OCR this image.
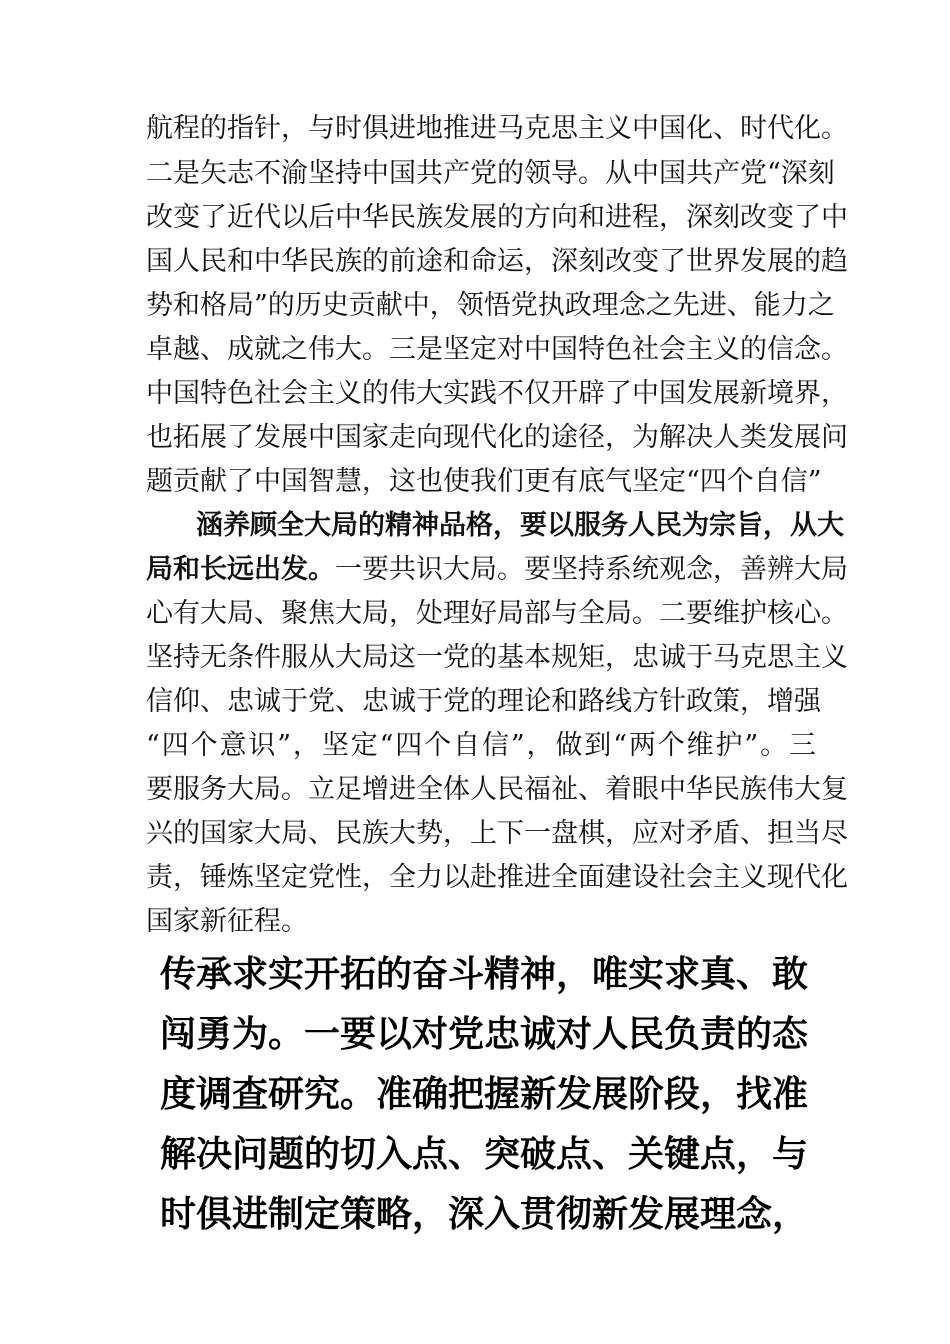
航程的指针，与时俱进地推进马克思主义中国化、时代化。
二是矢志不渝坚持中国共产党的领导。从中国共产党“深刻
改变了近代以后中华民族发展的方向和进程，深刻改变了中
国人民和中华民族的前途和命运，深刻改变了世界发展的趋
势和格局”的历史贡献中，领悟党执政理念之先进、能力之
卓越、成就之伟大。三是坚定对中国特色社会主义的信念。
中国特色社会主义的伟大实践不仅开辟了中国发展新境界，
也拓展了发展中国家走向现代化的途径，为解决人类发展问
题贡献了中国智慧，这也使我们更有底气坚定“四个自信”
涵养顾全大局的精神品格，要以服务人民为宗旨，从大
局和长远出发。一要共识大局。要坚持系统观念，善辨大局
心有大局、聚焦大局，处理好局部与全局。二要维护核心。
坚持无条件服从大局这一党的基本规矩，忠诚于马克思主义
信仰、忠诚于党、忠诚于党的理论和路线方针政策，增强
“四个意识”，坚定“四个自信”，做到“两个维护”。三
要服务大局。立足增进全体人民福祉、着眼中华民族伟大复
兴的国家大局、民族大势，上下一盘棋，应对矛盾、担当尽
责，锤炼坚定党性，全力以赴推进全面建设社会主义现代化
国家新征程。
传承求实开拓的奋斗精神，唯实求真、敢
闯勇为。一要以对党忠诚对人民负责的态
度调查研究。准确把握新发展阶段，找准
解决问题的切入点、突破点、关键点，与
时俱进制定策略，深入贯彻新发展理念，
